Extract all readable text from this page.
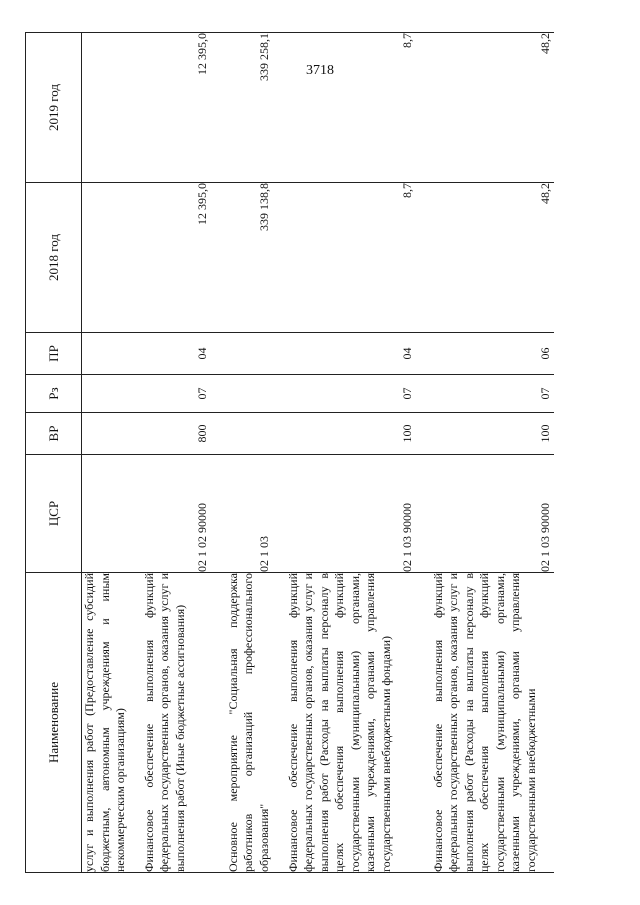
Наименование	ЦСР	ВР	Рз	ПР	2018 год	2019 год

услуг и выполнения работ (Предоставление субсидий бюджетным, автономным учреждениям и иным некоммерческим организациям)						

Финансовое обеспечение выполнения функций федеральных государственных органов, оказания услуг и выполнения работ (Иные бюджетные ассигнования)	02 1 02 90000	800	07	04	12 395,0	12 395,0

Основное мероприятие "Социальная поддержка работников организаций профессионального образования"	02 1 03				339 138,8	339 258,1

Финансовое обеспечение выполнения функций федеральных государственных органов, оказания услуг и выполнения работ (Расходы на выплаты персоналу в целях обеспечения выполнения функций государственными (муниципальными) органами, казенными учреждениями, органами управления государственными внебюджетными фондами)	02 1 03 90000	100	07	04	8,7	8,7

Финансовое обеспечение выполнения функций федеральных государственных органов, оказания услуг и выполнения работ (Расходы на выплаты персоналу в целях обеспечения выполнения функций государственными (муниципальными) органами, казенными учреждениями, органами управления государственными внебюджетными	02 1 03 90000	100	07	06	48,2	48,2
3718
